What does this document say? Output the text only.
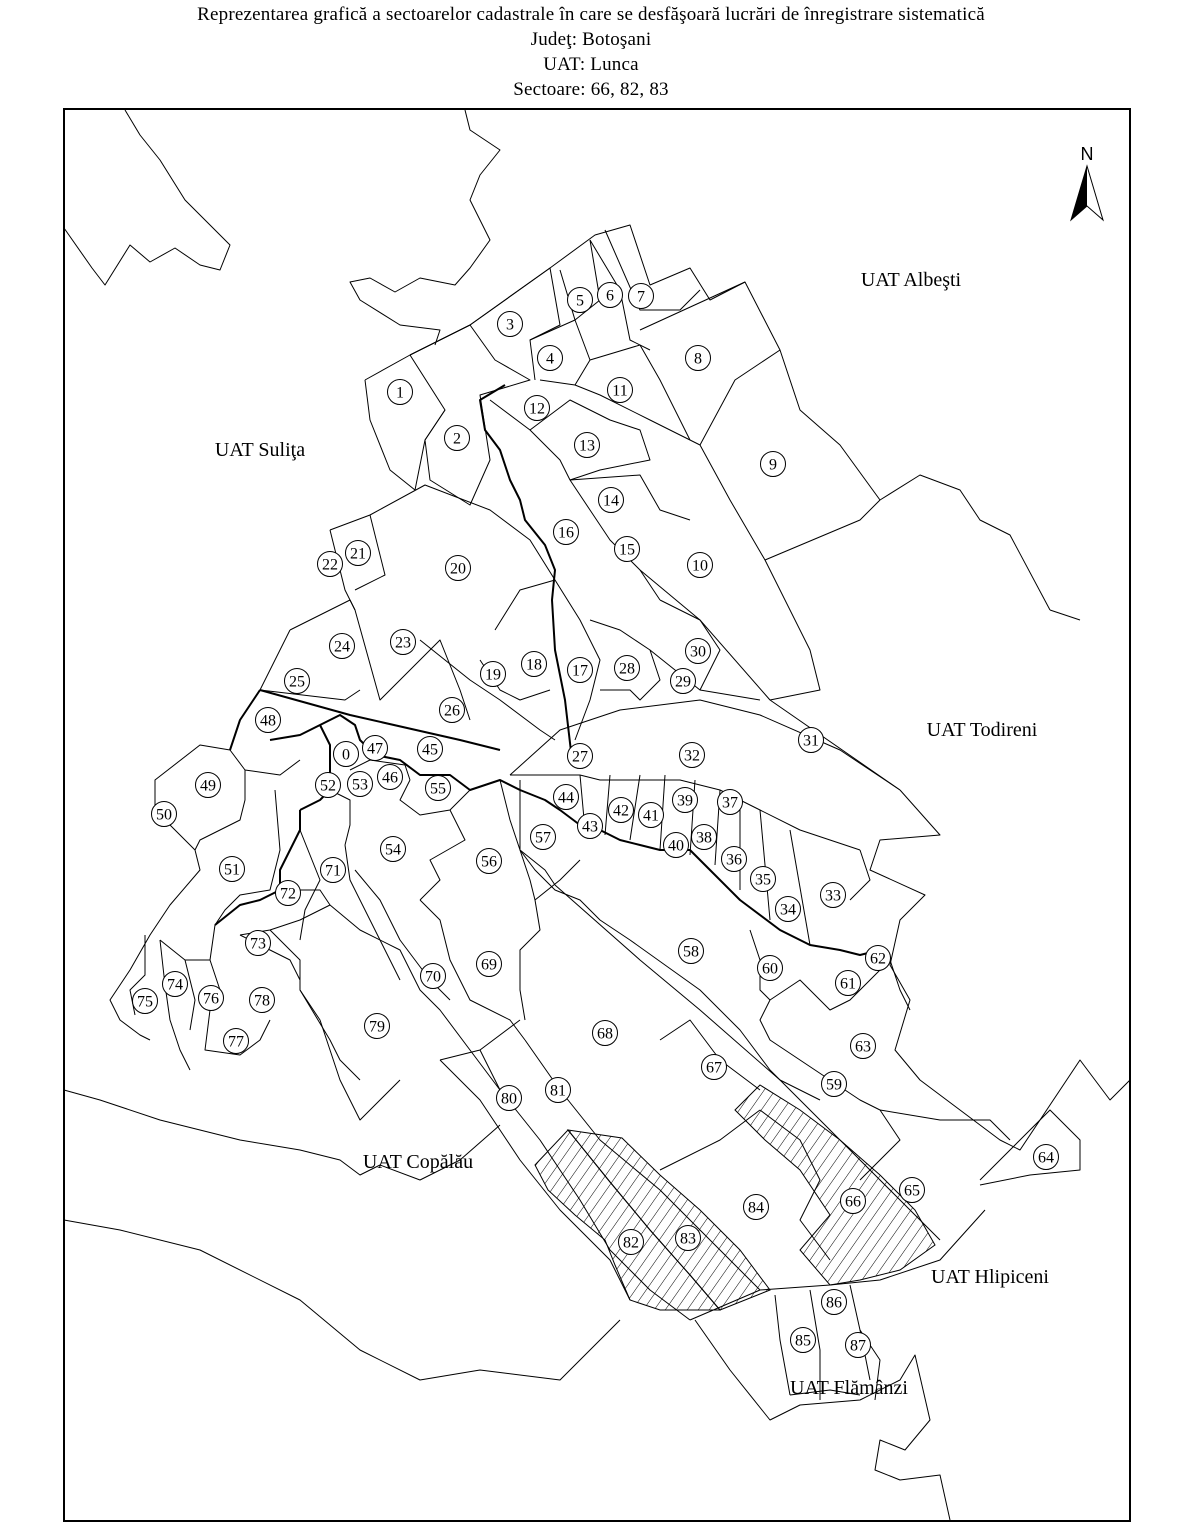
Reprezentarea grafică a sectoarelor cadastrale în care se desfăşoară lucrări de înregistrare sistematică
Judeţ: Botoşani
UAT: Lunca
Sectoare: 66, 82, 83
N
UAT Albeşti
UAT Suliţa
UAT Todireni
UAT Copălău
UAT Hlipiceni
UAT Flămânzi
0
1
2
3
4
5 6 7
8
9
10
11
12
13
14
15
16
17
18
19
20
21
22
23
24
25
26
27
28
29
30
31
32
33
34
35
36
37
38
39
40
41
42
43
44
45
46
47
48
49
50
51
52 53
54
55
56
57
58
59
60
61
62
63
64
65
66
67
68
69
70
71
72
73
74
75	76
77
78
79
80 81
82	83
84
85
86
87
